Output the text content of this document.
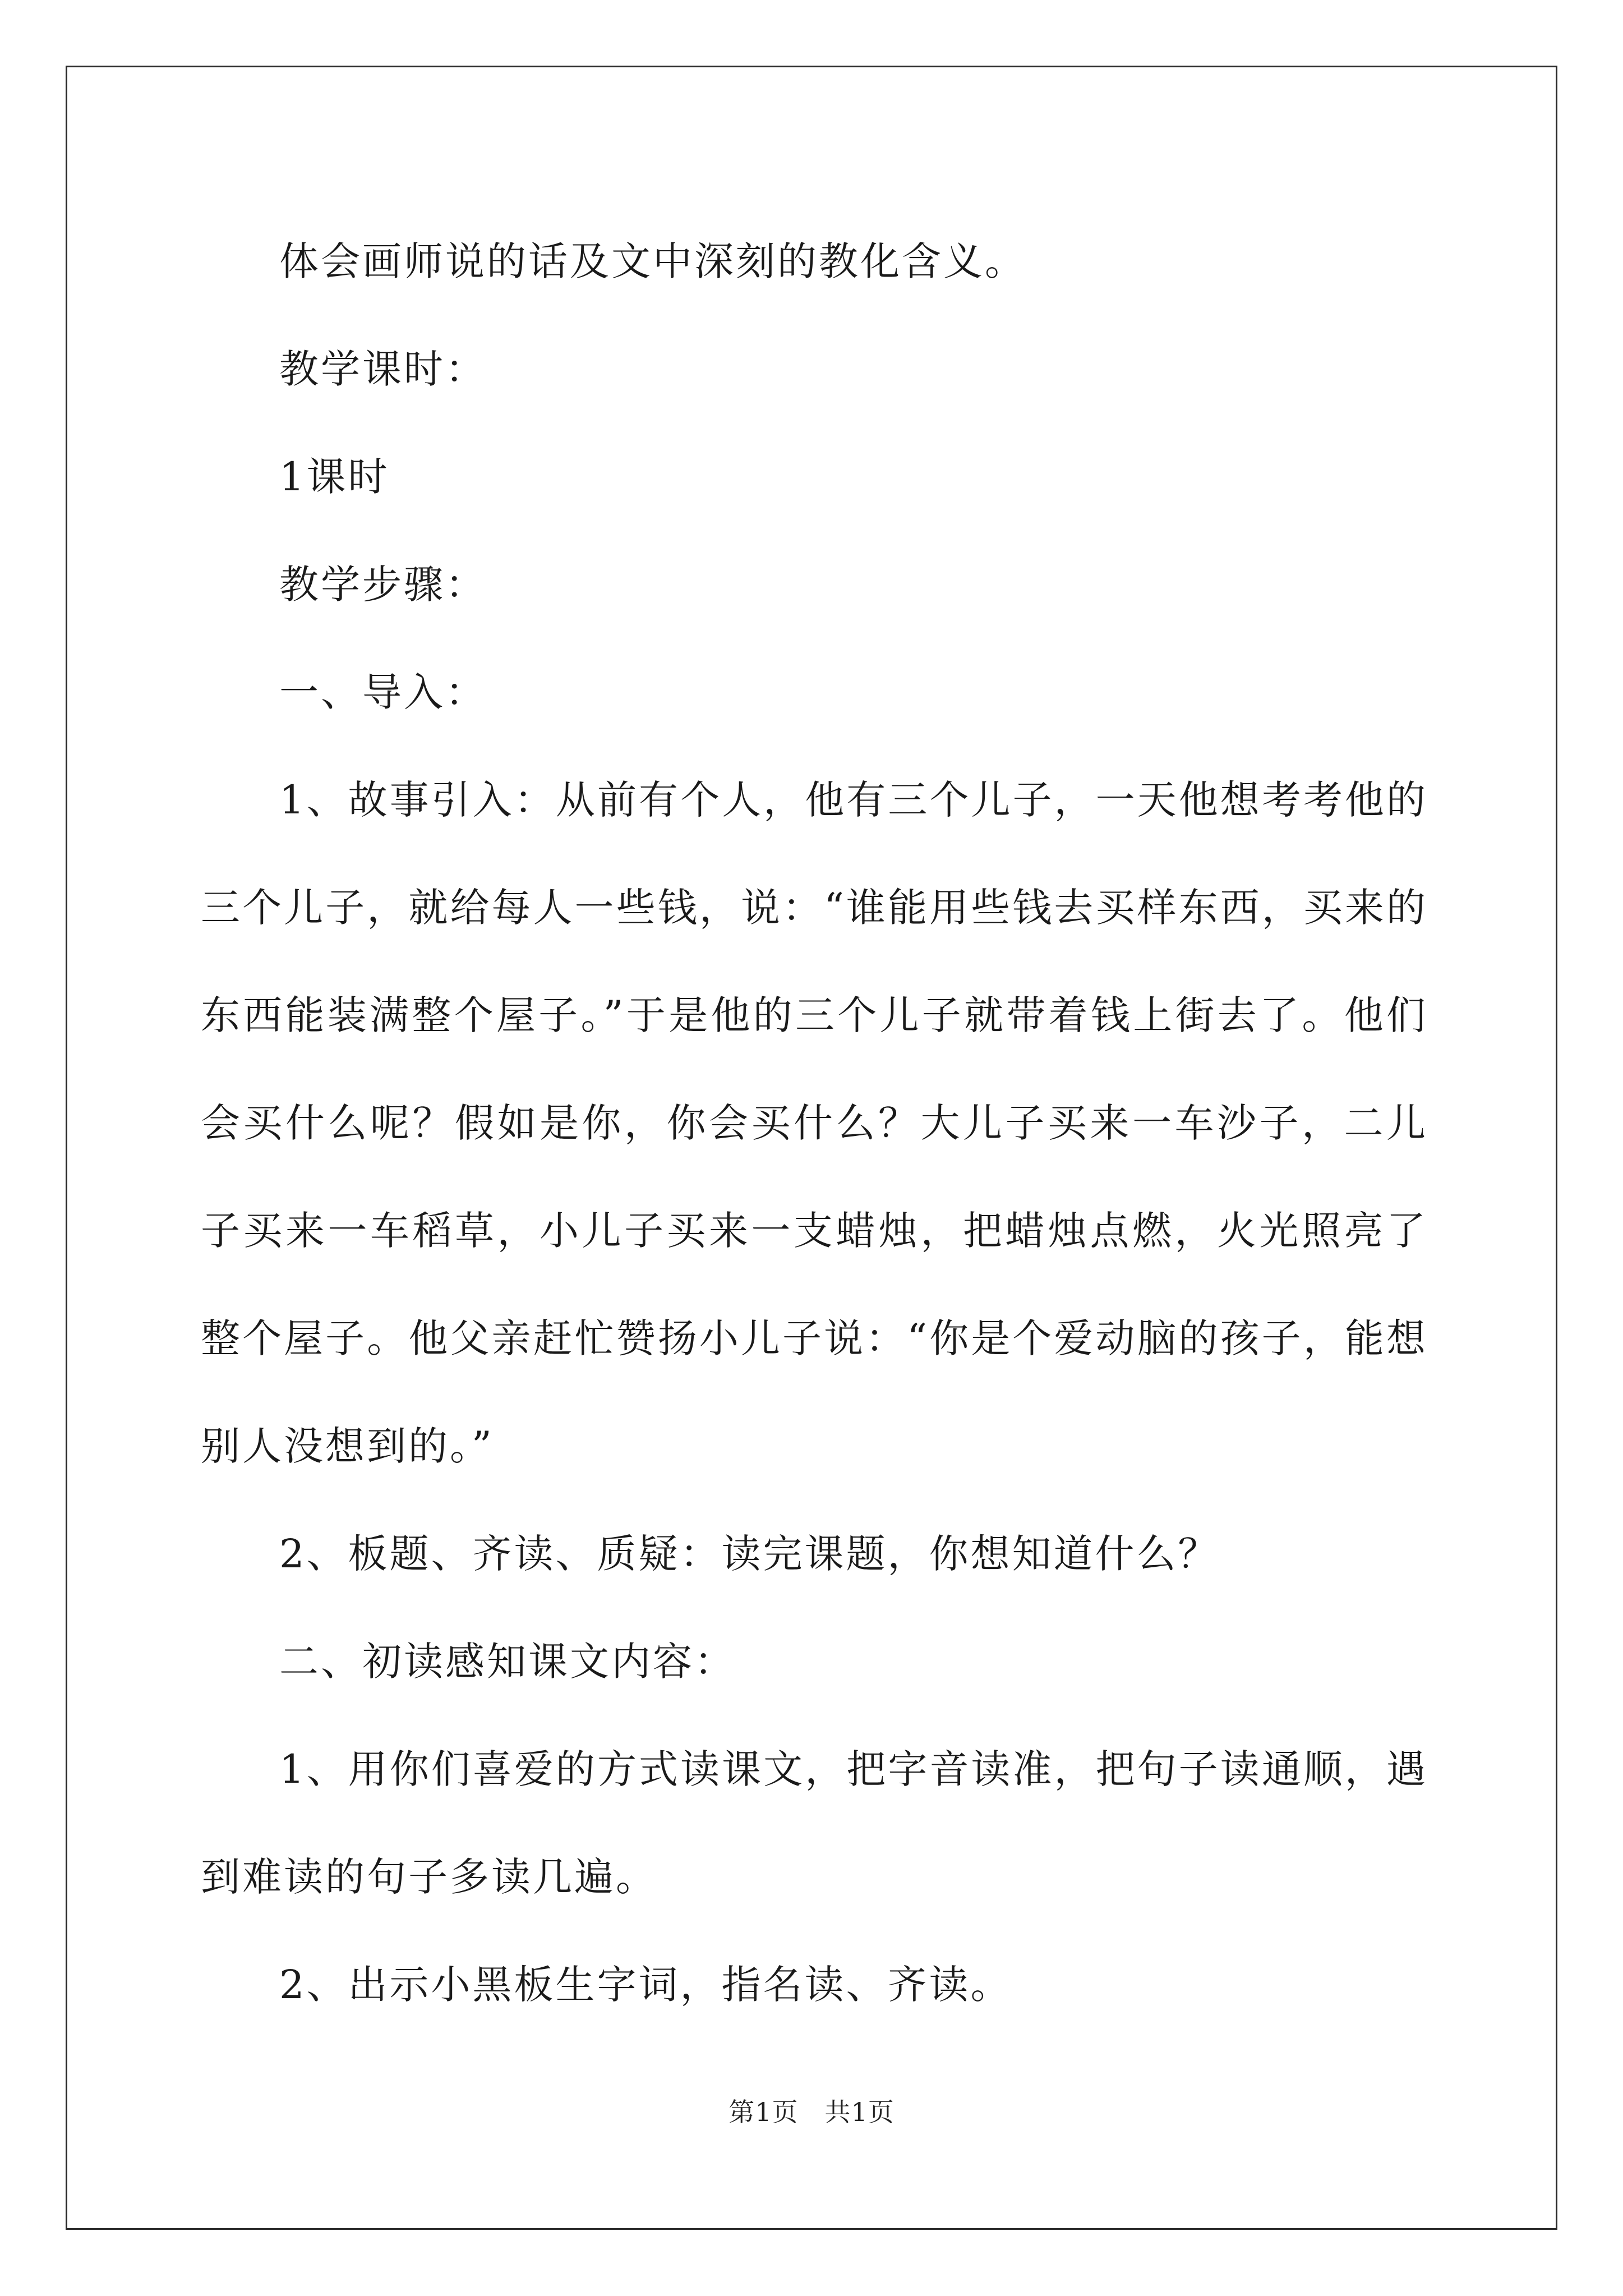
体会画师说的话及文中深刻的教化含义。

教学课时：

1课时

教学步骤：

一、导入：

1、故事引入：从前有个人，他有三个儿子，一天他想考考他的三个儿子，就给每人一些钱，说：“谁能用些钱去买样东西，买来的东西能装满整个屋子。”于是他的三个儿子就带着钱上街去了。他们会买什么呢？假如是你，你会买什么？大儿子买来一车沙子，二儿子买来一车稻草，小儿子买来一支蜡烛，把蜡烛点燃，火光照亮了整个屋子。他父亲赶忙赞扬小儿子说：“你是个爱动脑的孩子，能想别人没想到的。”

2、板题、齐读、质疑：读完课题，你想知道什么？

二、初读感知课文内容：

1、用你们喜爱的方式读课文，把字音读准，把句子读通顺，遇到难读的句子多读几遍。

2、出示小黑板生字词，指名读、齐读。

第1页 共1页
